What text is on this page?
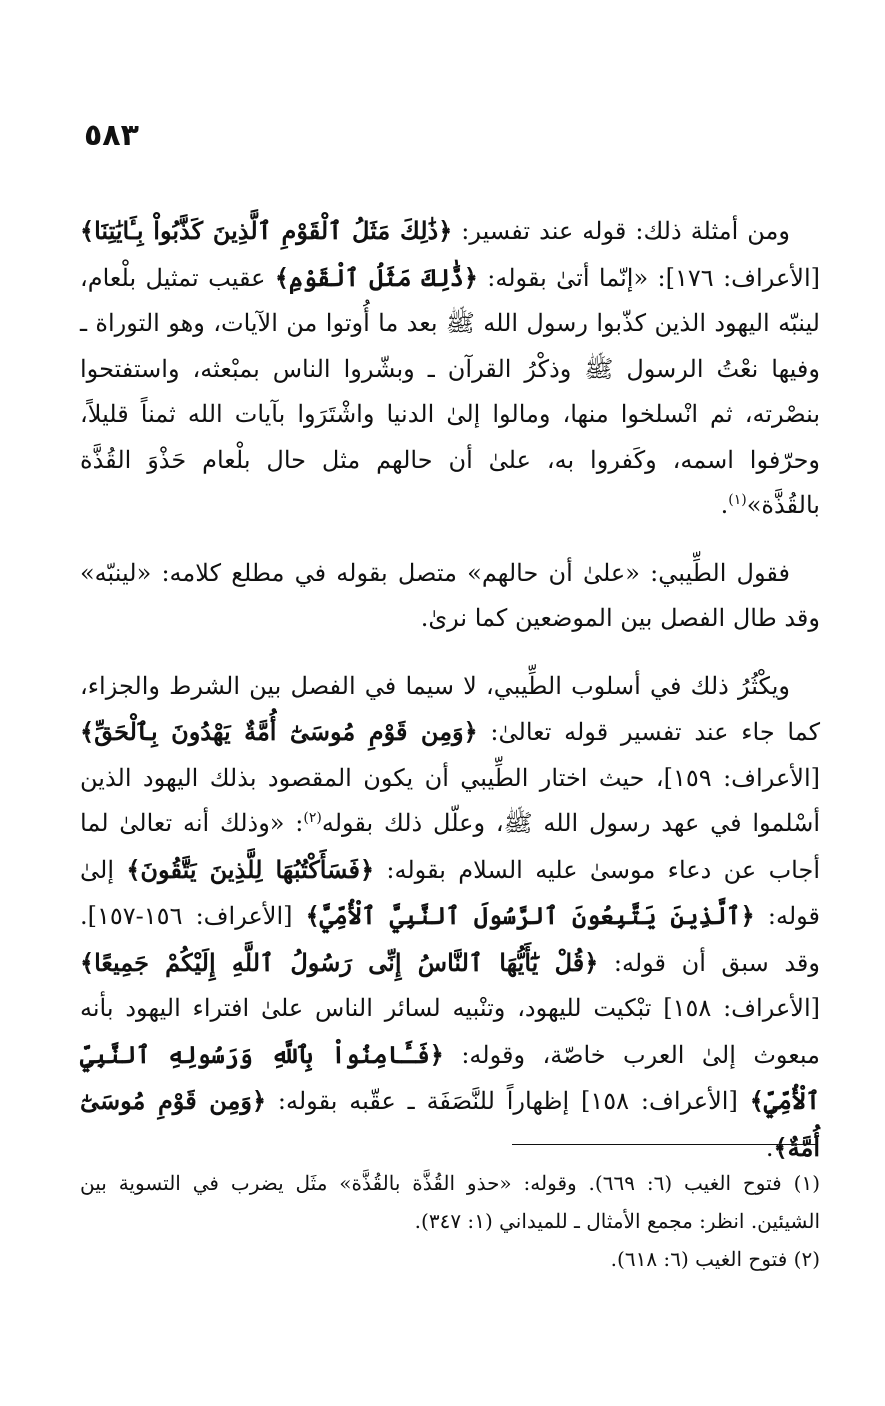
٥٨٣

ومن أمثلة ذلك: قوله عند تفسير: ﴿ذَٰلِكَ مَثَلُ ٱلْقَوْمِ ٱلَّذِينَ كَذَّبُواْ بِـَٔايَٰتِنَا﴾ [الأعراف: ١٧٦]: «إنّما أتىٰ بقوله: ﴿ذَّٰلِكَ مَثَلُ ٱلْقَوْمِ﴾ عقيب تمثيل بلْعام، لينبّه اليهود الذين كذّبوا رسول الله ﷺ بعد ما أُوتوا من الآيات، وهو التوراة ـ وفيها نعْتُ الرسول ﷺ وذكْرُ القرآن ـ وبشّروا الناس بمبْعثه، واستفتحوا بنصْرته، ثم انْسلخوا منها، ومالوا إلىٰ الدنيا واشْتَرَوا بآيات الله ثمناً قليلاً، وحرّفوا اسمه، وكَفروا به، علىٰ أن حالهم مثل حال بلْعام حَذْوَ القُذَّة بالقُذَّة»$^{(١)}$.

فقول الطِّيبي: «علىٰ أن حالهم» متصل بقوله في مطلع كلامه: «لينبّه» وقد طال الفصل بين الموضعين كما نرىٰ.

ويكْثُرُ ذلك في أسلوب الطِّيبي، لا سيما في الفصل بين الشرط والجزاء، كما جاء عند تفسير قوله تعالىٰ: ﴿وَمِن قَوْمِ مُوسَىٰٓ أُمَّةٌ يَهْدُونَ بِٱلْحَقِّ﴾ [الأعراف: ١٥٩]، حيث اختار الطِّيبي أن يكون المقصود بذلك اليهود الذين أسْلموا في عهد رسول الله ﷺ، وعلّل ذلك بقوله$^{(٢)}$: «وذلك أنه تعالىٰ لما أجاب عن دعاء موسىٰ عليه السلام بقوله: ﴿فَسَأَكْتُبُهَا لِلَّذِينَ يَتَّقُونَ﴾ إلىٰ قوله: ﴿ٱلَّذِينَ يَتَّبِعُونَ ٱلرَّسُولَ ٱلنَّبِيَّ ٱلْأُمِّيَّ﴾ [الأعراف: ١٥٦-١٥٧]. وقد سبق أن قوله: ﴿قُلْ يَٰٓأَيُّهَا ٱلنَّاسُ إِنِّى رَسُولُ ٱللَّهِ إِلَيْكُمْ جَمِيعًا﴾ [الأعراف: ١٥٨] تبْكيت لليهود، وتنْبيه لسائر الناس علىٰ افتراء اليهود بأنه مبعوث إلىٰ العرب خاصّة، وقوله: ﴿فَـَٔامِنُواْ بِٱللَّهِ وَرَسُولِهِ ٱلنَّبِيِّ ٱلْأُمِّيِّ﴾ [الأعراف: ١٥٨] إظهاراً للنَّصَفَة ـ عقّبه بقوله: ﴿وَمِن قَوْمِ مُوسَىٰٓ أُمَّةٌ﴾.

(١) فتوح الغيب (٦: ٦٦٩). وقوله: «حذو القُذَّة بالقُذَّة» مثَل يضرب في التسوية بين الشيئين. انظر: مجمع الأمثال ـ للميداني (١: ٣٤٧).

(٢) فتوح الغيب (٦: ٦١٨).
